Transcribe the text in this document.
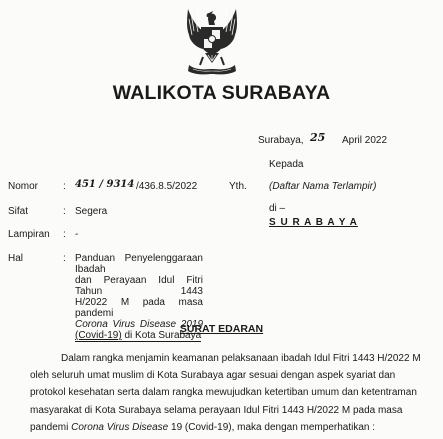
WALIKOTA SURABAYA
Surabaya, 25 April 2022
Kepada
Yth. (Daftar Nama Terlampir)
di –
S U R A B A Y A
Nomor : 451 / 9314 /436.8.5/2022
Sifat	: Segera
Lampiran : -
Hal	: Panduan Penyelenggaraan Ibadah
dan Perayaan Idul Fitri Tahun 1443
H/2022 M pada masa pandemi
Corona Virus Disease 2019
(Covid-19) di Kota Surabaya
SURAT EDARAN
Dalam rangka menjamin keamanan pelaksanaan ibadah Idul Fitri 1443 H/2022 M
oleh seluruh umat muslim di Kota Surabaya agar sesuai dengan aspek syariat dan
protokol kesehatan serta dalam rangka mewujudkan ketertiban umum dan ketentraman
masyarakat di Kota Surabaya selama perayaan Idul Fitri 1443 H/2022 M pada masa
pandemi Corona Virus Disease 19 (Covid-19), maka dengan memperhatikan :
